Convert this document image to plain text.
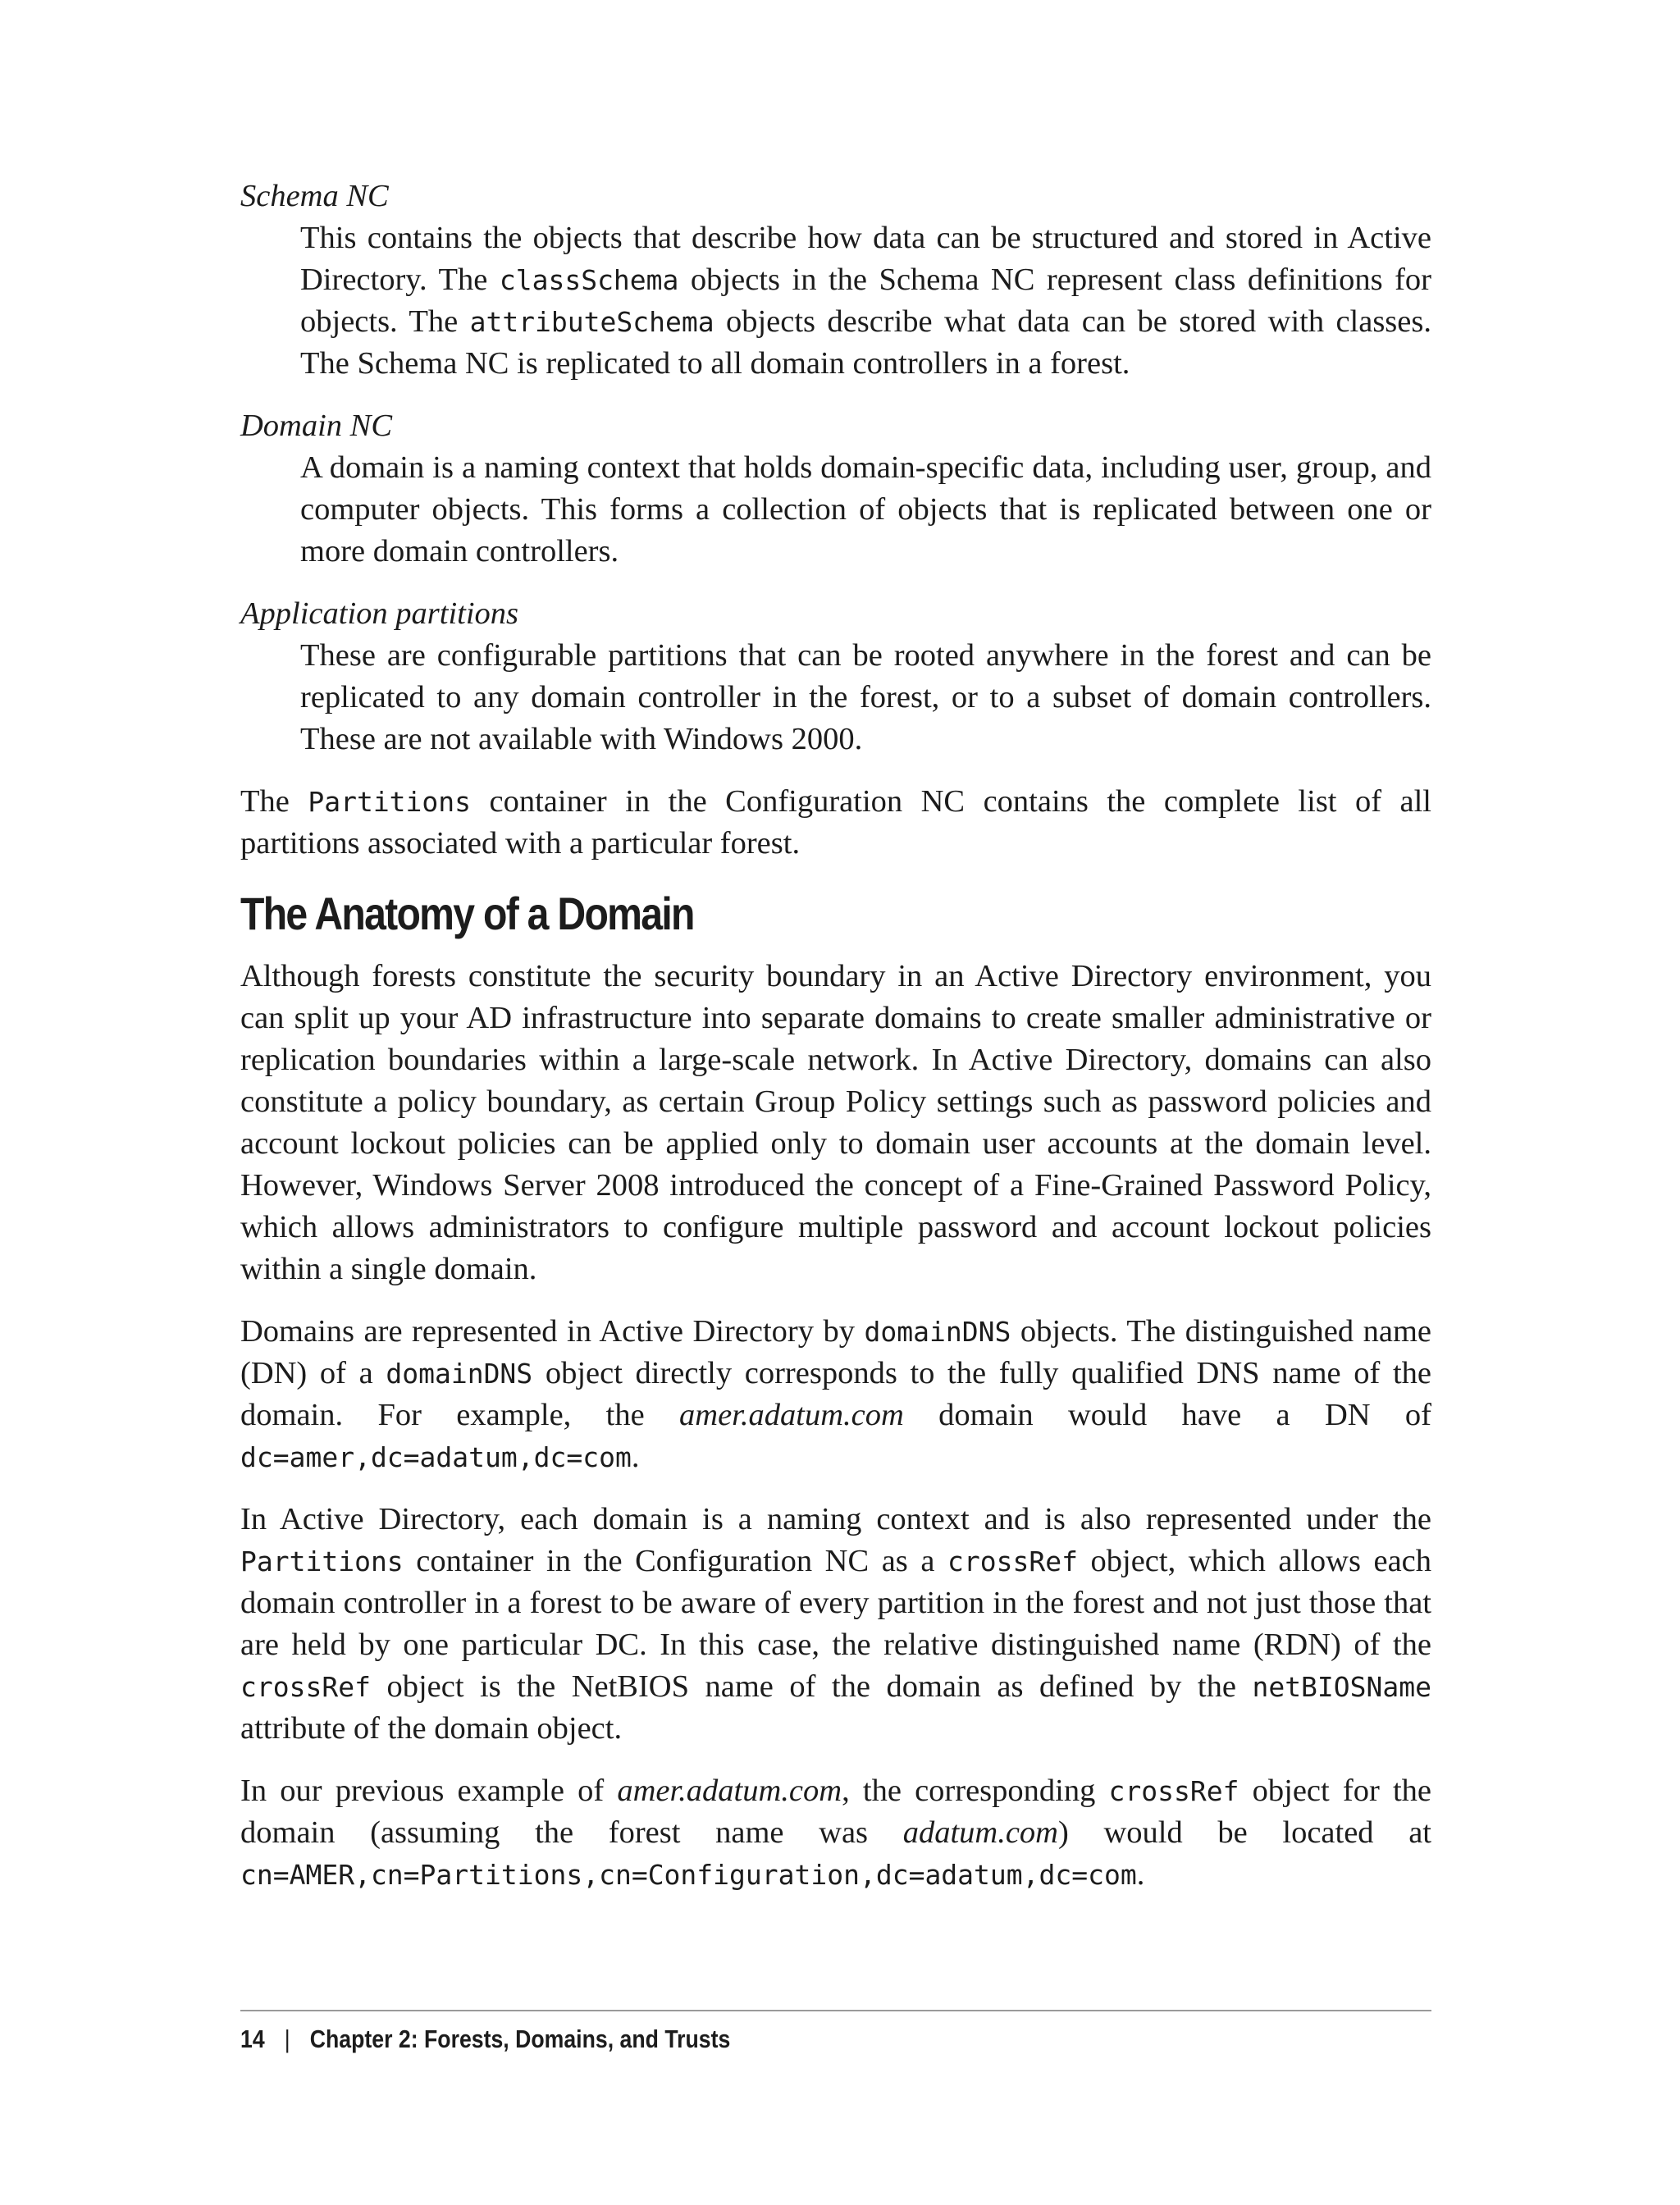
Schema NC
This contains the objects that describe how data can be structured and stored in Active Directory. The classSchema objects in the Schema NC represent class definitions for objects. The attributeSchema objects describe what data can be stored with classes. The Schema NC is replicated to all domain controllers in a forest.
Domain NC
A domain is a naming context that holds domain-specific data, including user, group, and computer objects. This forms a collection of objects that is replicated between one or more domain controllers.
Application partitions
These are configurable partitions that can be rooted anywhere in the forest and can be replicated to any domain controller in the forest, or to a subset of domain controllers. These are not available with Windows 2000.

The Partitions container in the Configuration NC contains the complete list of all partitions associated with a particular forest.

The Anatomy of a Domain

Although forests constitute the security boundary in an Active Directory environment, you can split up your AD infrastructure into separate domains to create smaller administrative or replication boundaries within a large-scale network. In Active Directory, domains can also constitute a policy boundary, as certain Group Policy settings such as password policies and account lockout policies can be applied only to domain user accounts at the domain level. However, Windows Server 2008 introduced the concept of a Fine-Grained Password Policy, which allows administrators to configure multiple password and account lockout policies within a single domain.

Domains are represented in Active Directory by domainDNS objects. The distinguished name (DN) of a domainDNS object directly corresponds to the fully qualified DNS name of the domain. For example, the amer.adatum.com domain would have a DN of dc=amer,dc=adatum,dc=com.

In Active Directory, each domain is a naming context and is also represented under the Partitions container in the Configuration NC as a crossRef object, which allows each domain controller in a forest to be aware of every partition in the forest and not just those that are held by one particular DC. In this case, the relative distinguished name (RDN) of the crossRef object is the NetBIOS name of the domain as defined by the netBIOSName attribute of the domain object.

In our previous example of amer.adatum.com, the corresponding crossRef object for the domain (assuming the forest name was adatum.com) would be located at cn=AMER,cn=Partitions,cn=Configuration,dc=adatum,dc=com.

14 | Chapter 2: Forests, Domains, and Trusts
